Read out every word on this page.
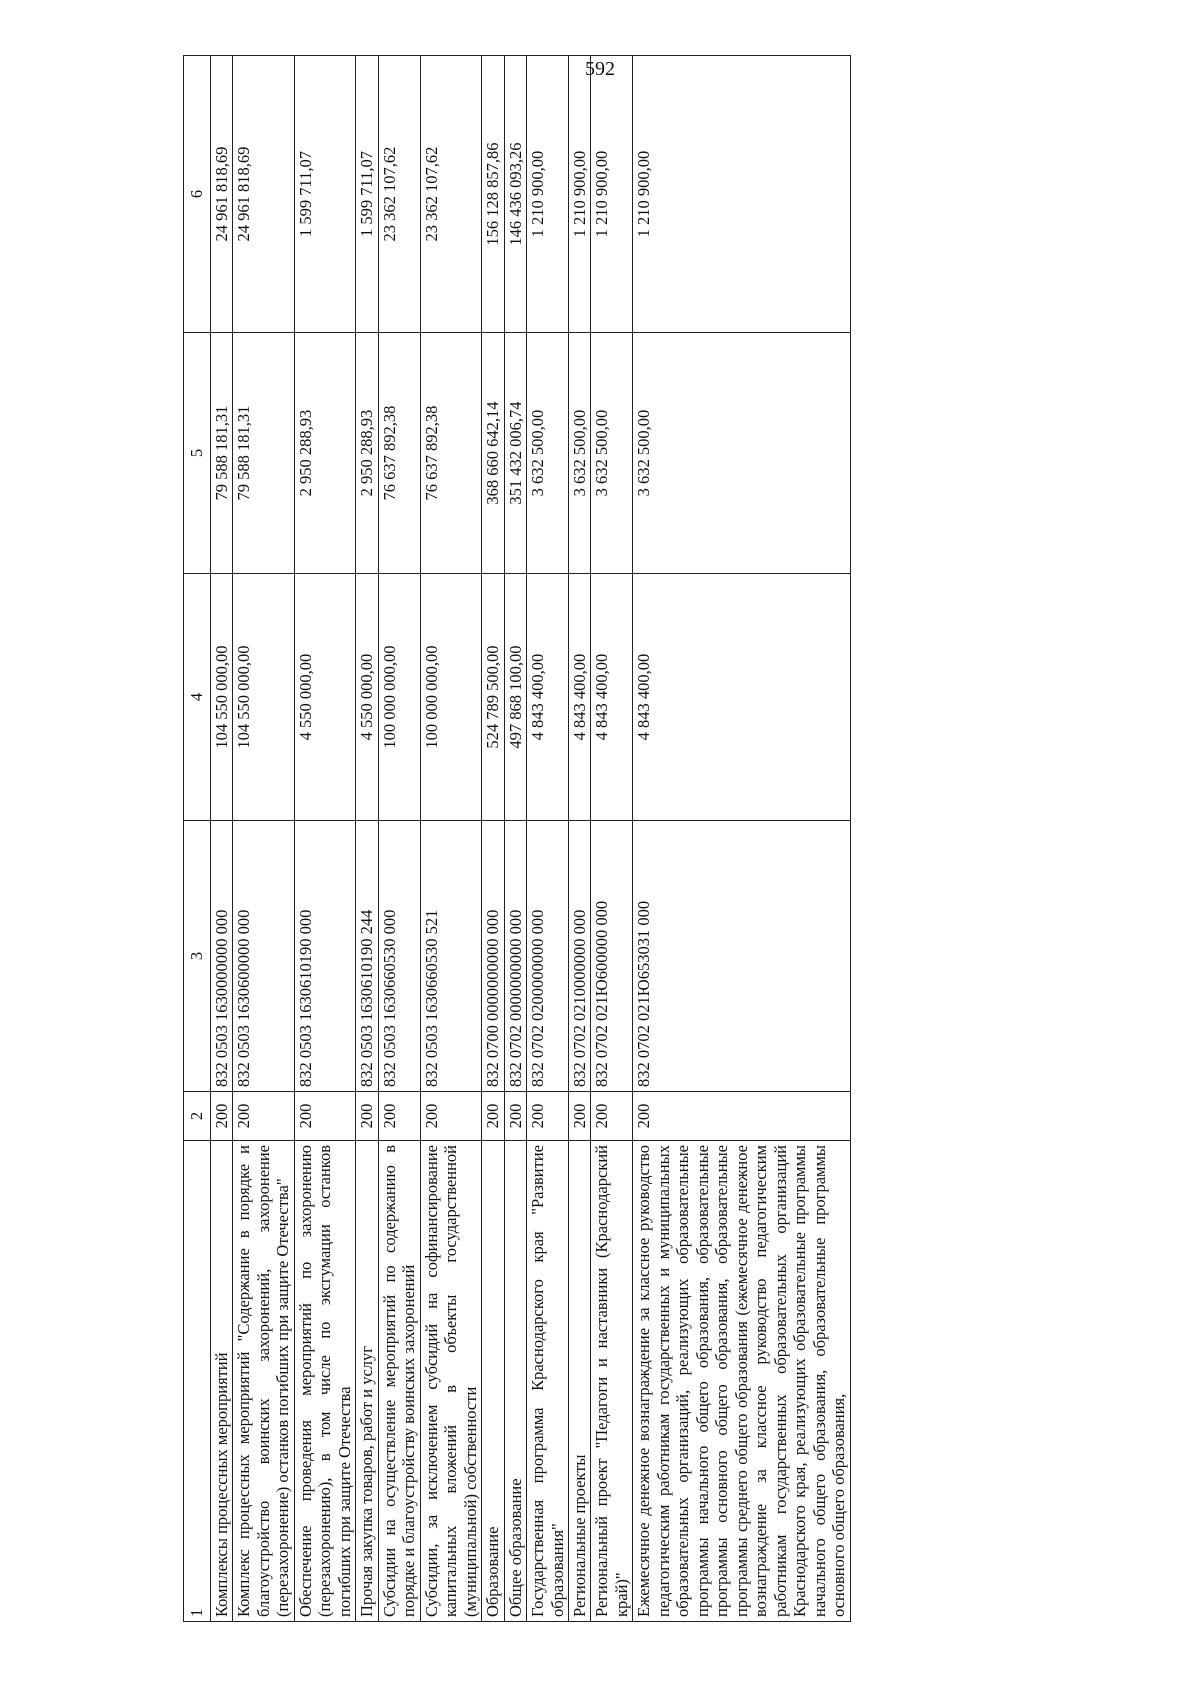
592
1	2	3	4	5	6
Комплексы процессных мероприятий	200	832 0503 1630000000 000	104 550 000,00	79 588 181,31	24 961 818,69
Комплекс процессных мероприятий "Содержание в порядке и благоустройство воинских захоронений, захоронение (перезахоронение) останков погибших при защите Отечества"	200	832 0503 1630600000 000	104 550 000,00	79 588 181,31	24 961 818,69
Обеспечение проведения мероприятий по захоронению (перезахоронению), в том числе по эксгумации останков погибших при защите Отечества	200	832 0503 1630610190 000	4 550 000,00	2 950 288,93	1 599 711,07
Прочая закупка товаров, работ и услуг	200	832 0503 1630610190 244	4 550 000,00	2 950 288,93	1 599 711,07
Субсидии на осуществление мероприятий по содержанию в порядке и благоустройству воинских захоронений	200	832 0503 1630660530 000	100 000 000,00	76 637 892,38	23 362 107,62
Субсидии, за исключением субсидий на софинансирование капитальных вложений в объекты государственной (муниципальной) собственности	200	832 0503 1630660530 521	100 000 000,00	76 637 892,38	23 362 107,62
Образование	200	832 0700 0000000000 000	524 789 500,00	368 660 642,14	156 128 857,86
Общее образование	200	832 0702 0000000000 000	497 868 100,00	351 432 006,74	146 436 093,26
Государственная программа Краснодарского края "Развитие образования"	200	832 0702 0200000000 000	4 843 400,00	3 632 500,00	1 210 900,00
Региональные проекты	200	832 0702 0210000000 000	4 843 400,00	3 632 500,00	1 210 900,00
Региональный проект "Педагоги и наставники (Краснодарский край)"	200	832 0702 021Ю600000 000	4 843 400,00	3 632 500,00	1 210 900,00
Ежемесячное денежное вознаграждение за классное руководство педагогическим работникам государственных и муниципальных образовательных организаций, реализующих образовательные программы начального общего образования, образовательные программы основного общего образования, образовательные программы среднего общего образования (ежемесячное денежное вознаграждение за классное руководство педагогическим работникам государственных образовательных организаций Краснодарского края, реализующих образовательные программы начального общего образования, образовательные программы основного общего образования,	200	832 0702 021Ю653031 000	4 843 400,00	3 632 500,00	1 210 900,00
